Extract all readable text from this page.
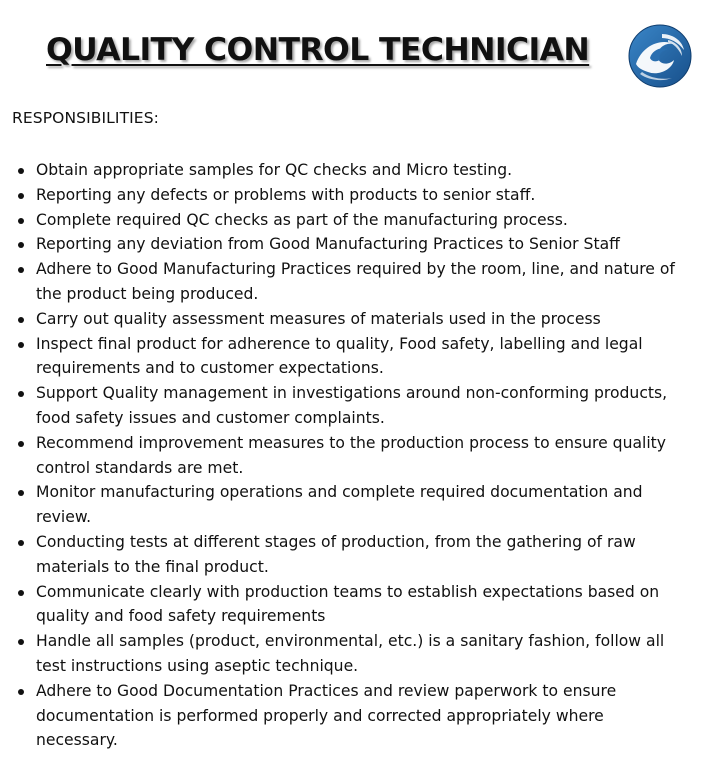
QUALITY CONTROL TECHNICIAN

RESPONSIBILITIES:

Obtain appropriate samples for QC checks and Micro testing.
Reporting any defects or problems with products to senior staff.
Complete required QC checks as part of the manufacturing process.
Reporting any deviation from Good Manufacturing Practices to Senior Staff
Adhere to Good Manufacturing Practices required by the room, line, and nature of
the product being produced.
Carry out quality assessment measures of materials used in the process
Inspect final product for adherence to quality, Food safety, labelling and legal
requirements and to customer expectations.
Support Quality management in investigations around non-conforming products,
food safety issues and customer complaints.
Recommend improvement measures to the production process to ensure quality
control standards are met.
Monitor manufacturing operations and complete required documentation and
review.
Conducting tests at different stages of production, from the gathering of raw
materials to the final product.
Communicate clearly with production teams to establish expectations based on
quality and food safety requirements
Handle all samples (product, environmental, etc.) is a sanitary fashion, follow all
test instructions using aseptic technique.
Adhere to Good Documentation Practices and review paperwork to ensure
documentation is performed properly and corrected appropriately where
necessary.
